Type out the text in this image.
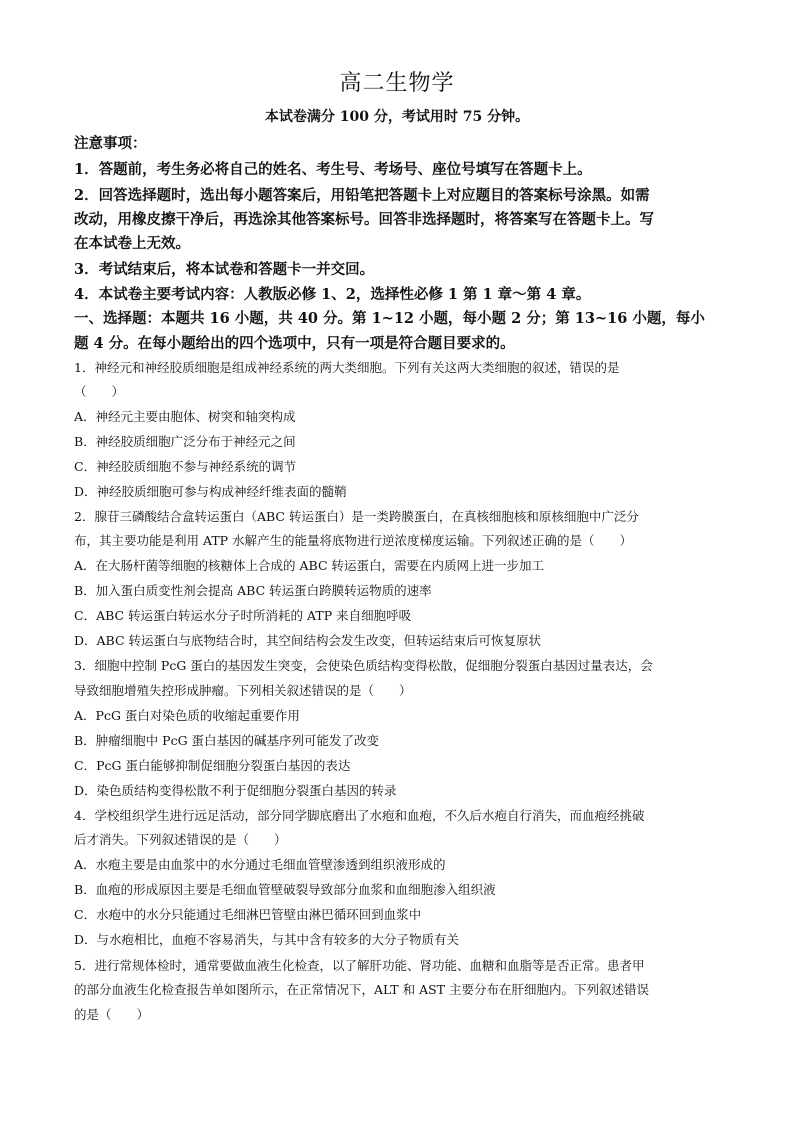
高二生物学
本试卷满分 100 分，考试用时 75 分钟。
注意事项：
1．答题前，考生务必将自己的姓名、考生号、考场号、座位号填写在答题卡上。
2．回答选择题时，选出每小题答案后，用铅笔把答题卡上对应题目的答案标号涂黑。如需
改动，用橡皮擦干净后，再选涂其他答案标号。回答非选择题时，将答案写在答题卡上。写
在本试卷上无效。
3．考试结束后，将本试卷和答题卡一并交回。
4．本试卷主要考试内容：人教版必修 1、2，选择性必修 1 第 1 章～第 4 章。
一、选择题：本题共 16 小题，共 40 分。第 1~12 小题，每小题 2 分；第 13~16 小题，每小
题 4 分。在每小题给出的四个选项中，只有一项是符合题目要求的。
1．神经元和神经胶质细胞是组成神经系统的两大类细胞。下列有关这两大类细胞的叙述，错误的是
（　　）
A．神经元主要由胞体、树突和轴突构成
B．神经胶质细胞广泛分布于神经元之间
C．神经胶质细胞不参与神经系统的调节
D．神经胶质细胞可参与构成神经纤维表面的髓鞘
2．腺苷三磷酸结合盒转运蛋白（ABC 转运蛋白）是一类跨膜蛋白，在真核细胞核和原核细胞中广泛分
布，其主要功能是利用 ATP 水解产生的能量将底物进行逆浓度梯度运输。下列叙述正确的是（　　）
A．在大肠杆菌等细胞的核糖体上合成的 ABC 转运蛋白，需要在内质网上进一步加工
B．加入蛋白质变性剂会提高 ABC 转运蛋白跨膜转运物质的速率
C．ABC 转运蛋白转运水分子时所消耗的 ATP 来自细胞呼吸
D．ABC 转运蛋白与底物结合时，其空间结构会发生改变，但转运结束后可恢复原状
3．细胞中控制 PcG 蛋白的基因发生突变，会使染色质结构变得松散，促细胞分裂蛋白基因过量表达，会
导致细胞增殖失控形成肿瘤。下列相关叙述错误的是（　　）
A．PcG 蛋白对染色质的收缩起重要作用
B．肿瘤细胞中 PcG 蛋白基因的碱基序列可能发了改变
C．PcG 蛋白能够抑制促细胞分裂蛋白基因的表达
D．染色质结构变得松散不利于促细胞分裂蛋白基因的转录
4．学校组织学生进行远足活动，部分同学脚底磨出了水疱和血疱，不久后水疱自行消失，而血疱经挑破
后才消失。下列叙述错误的是（　　）
A．水疱主要是由血浆中的水分通过毛细血管壁渗透到组织液形成的
B．血疱的形成原因主要是毛细血管壁破裂导致部分血浆和血细胞渗入组织液
C．水疱中的水分只能通过毛细淋巴管壁由淋巴循环回到血浆中
D．与水疱相比，血疱不容易消失，与其中含有较多的大分子物质有关
5．进行常规体检时，通常要做血液生化检查，以了解肝功能、肾功能、血糖和血脂等是否正常。患者甲
的部分血液生化检查报告单如图所示，在正常情况下，ALT 和 AST 主要分布在肝细胞内。下列叙述错误
的是（　　）
